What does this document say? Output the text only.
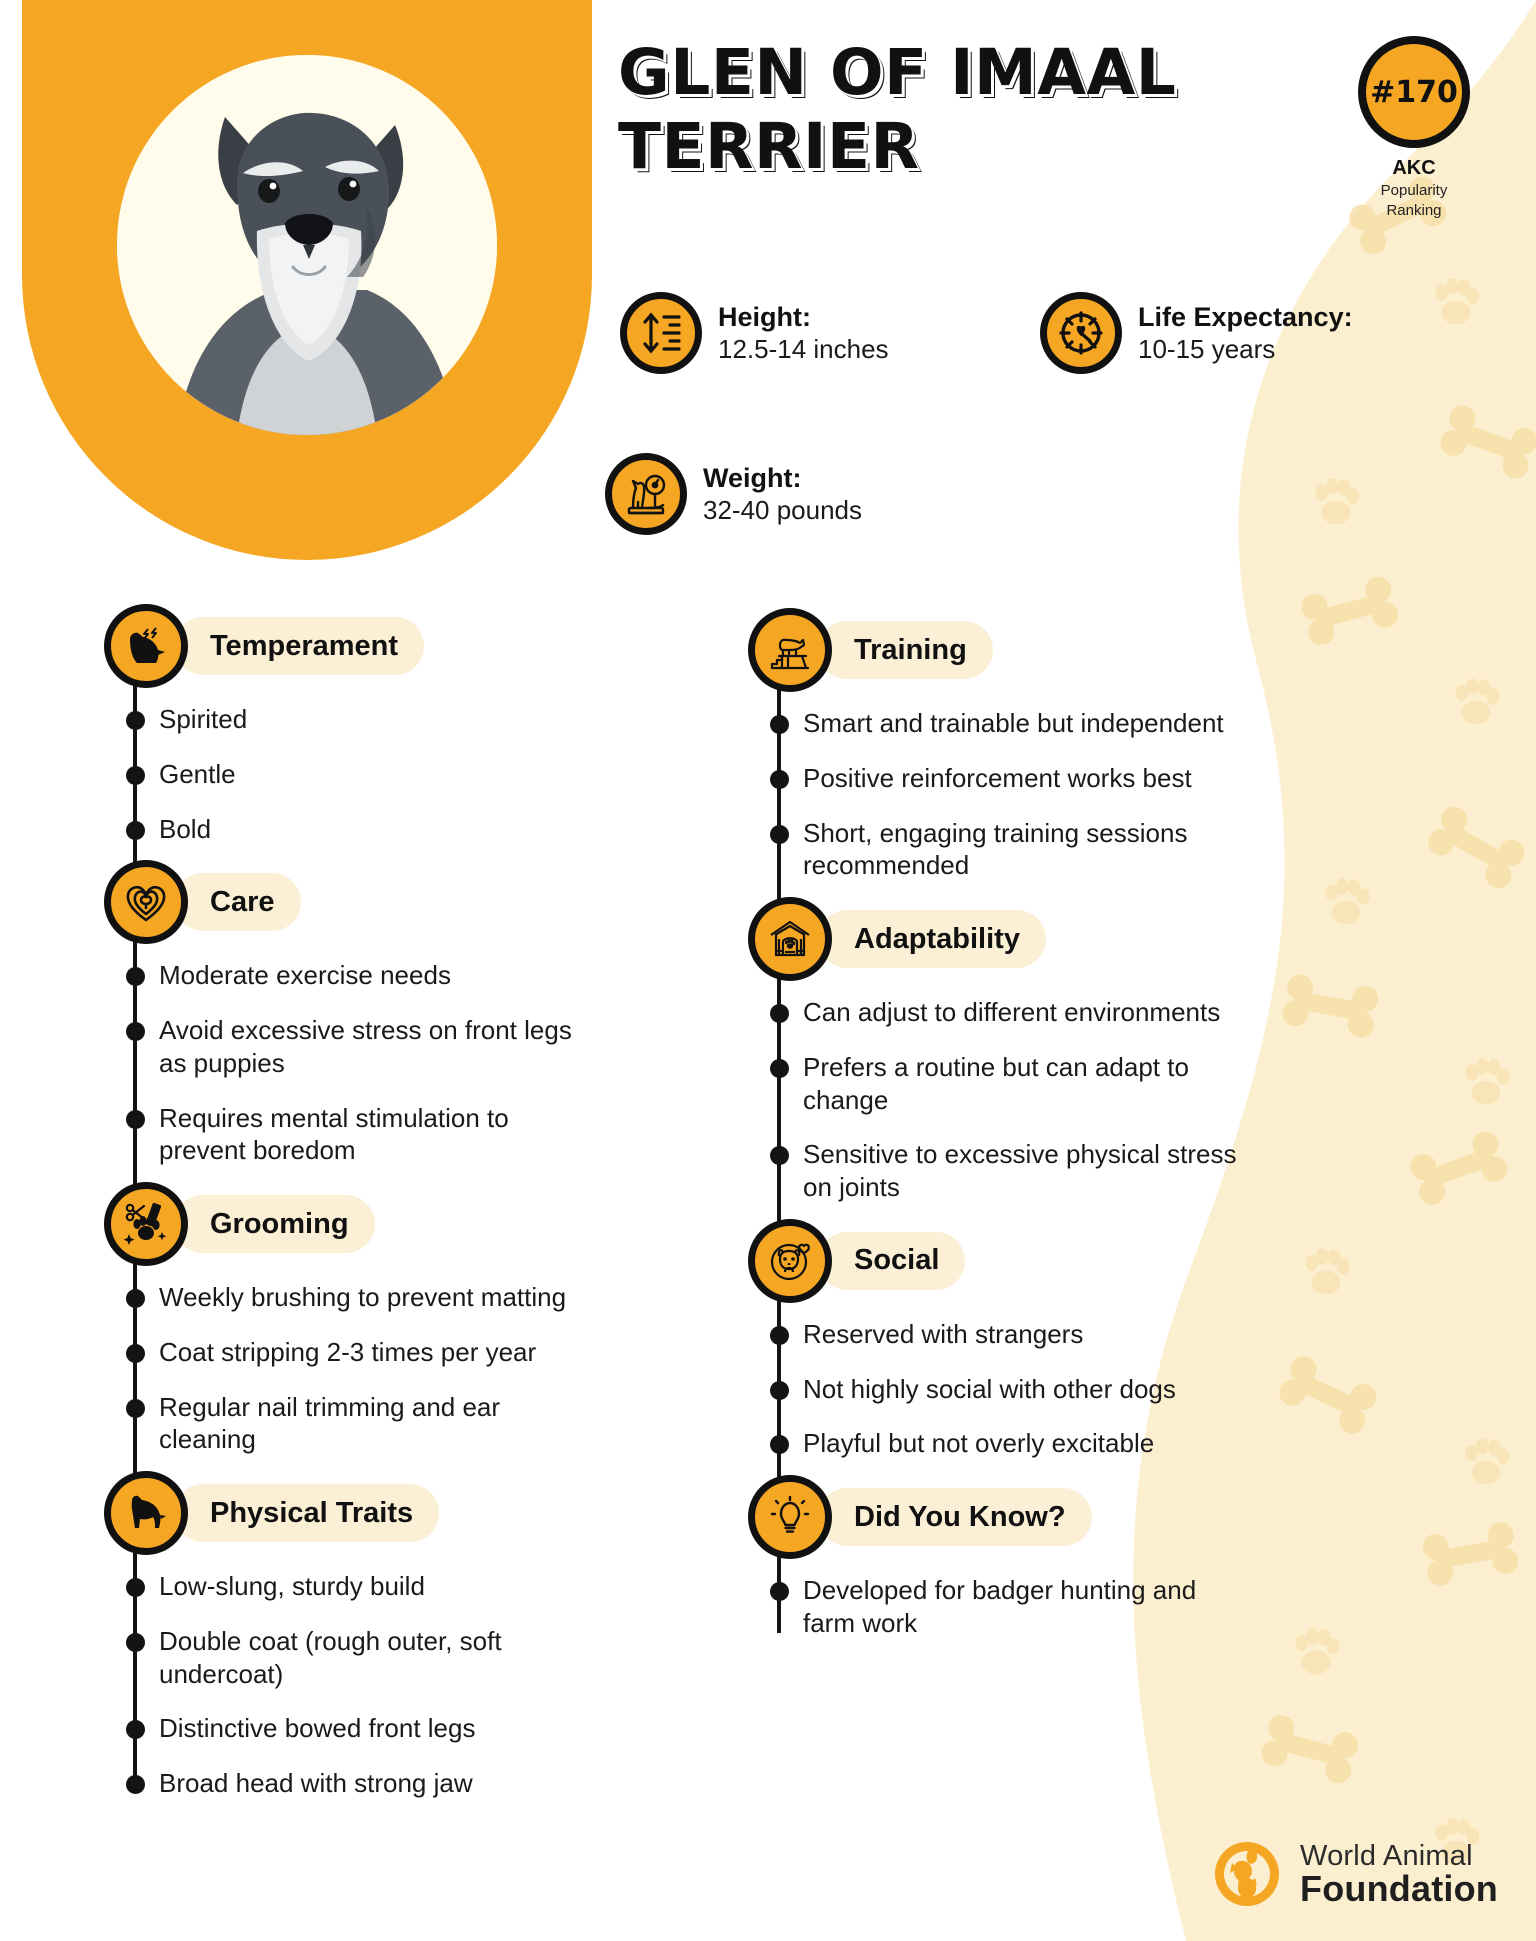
GLEN OF IMAAL TERRIER
#170
AKC
Popularity
Ranking
Height:
12.5-14 inches
Life Expectancy:
10-15 years
Weight:
32-40 pounds
Temperament
Spirited
Gentle
Bold
Care
Moderate exercise needs
Avoid excessive stress on front legs as puppies
Requires mental stimulation to prevent boredom
Grooming
Weekly brushing to prevent matting
Coat stripping 2-3 times per year
Regular nail trimming and ear cleaning
Physical Traits
Low-slung, sturdy build
Double coat (rough outer, soft undercoat)
Distinctive bowed front legs
Broad head with strong jaw
Training
Smart and trainable but independent
Positive reinforcement works best
Short, engaging training sessions recommended
Adaptability
Can adjust to different environments
Prefers a routine but can adapt to change
Sensitive to excessive physical stress on joints
Social
Reserved with strangers
Not highly social with other dogs
Playful but not overly excitable
Did You Know?
Developed for badger hunting and farm work
World Animal
Foundation
